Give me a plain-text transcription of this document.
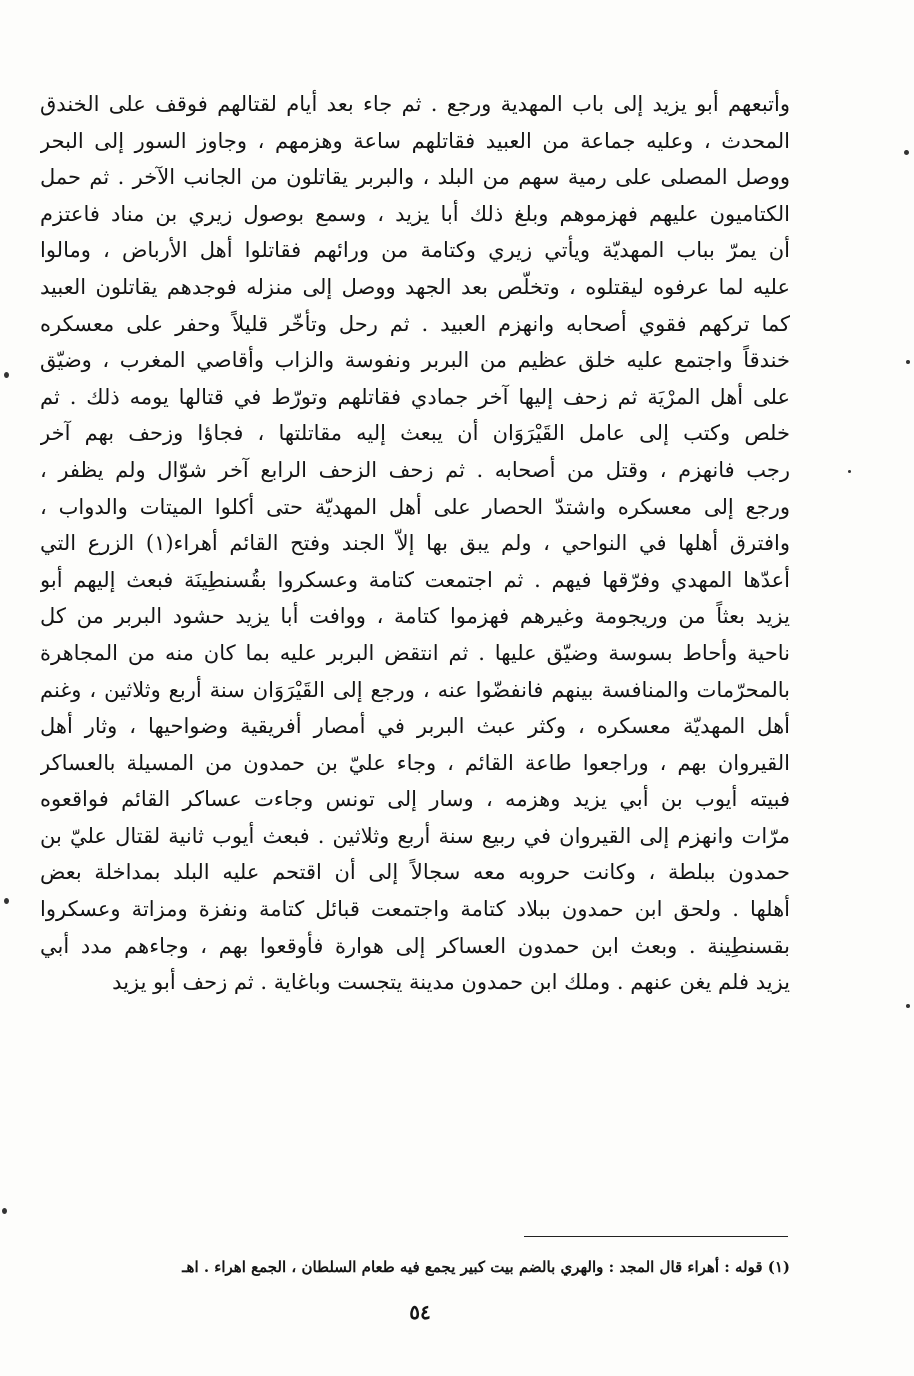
وأتبعهم أبو يزيد إلى باب المهدية ورجع . ثم جاء بعد أيام لقتالهم فوقف على الخندق
المحدث ، وعليه جماعة من العبيد فقاتلهم ساعة وهزمهم ، وجاوز السور إلى البحر
ووصل المصلى على رمية سهم من البلد ، والبربر يقاتلون من الجانب الآخر . ثم حمل
الكتاميون عليهم فهزموهم وبلغ ذلك أبا يزيد ، وسمع بوصول زيري بن مناد فاعتزم
أن يمرّ بباب المهديّة ويأتي زيري وكتامة من ورائهم فقاتلوا أهل الأرباض ، ومالوا
عليه لما عرفوه ليقتلوه ، وتخلّص بعد الجهد ووصل إلى منزله فوجدهم يقاتلون العبيد
كما تركهم فقوي أصحابه وانهزم العبيد . ثم رحل وتأخّر قليلاً وحفر على معسكره
خندقاً واجتمع عليه خلق عظيم من البربر ونفوسة والزاب وأقاصي المغرب ، وضيّق
على أهل المرْيَة ثم زحف إليها آخر جمادي فقاتلهم وتورّط في قتالها يومه ذلك . ثم
خلص وكتب إلى عامل القَيْرَوَان أن يبعث إليه مقاتلتها ، فجاؤا وزحف بهم آخر
رجب فانهزم ، وقتل من أصحابه . ثم زحف الزحف الرابع آخر شوّال ولم يظفر ،
ورجع إلى معسكره واشتدّ الحصار على أهل المهديّة حتى أكلوا الميتات والدواب ،
وافترق أهلها في النواحي ، ولم يبق بها إلاّ الجند وفتح القائم أهراء(١) الزرع التي
أعدّها المهدي وفرّقها فيهم . ثم اجتمعت كتامة وعسكروا بقُسنطِينَة فبعث إليهم أبو
يزيد بعثاً من وريجومة وغيرهم فهزموا كتامة ، ووافت أبا يزيد حشود البربر من كل
ناحية وأحاط بسوسة وضيّق عليها . ثم انتقض البربر عليه بما كان منه من المجاهرة
بالمحرّمات والمنافسة بينهم فانفضّوا عنه ، ورجع إلى القَيْرَوَان سنة أربع وثلاثين ، وغنم
أهل المهديّة معسكره ، وكثر عبث البربر في أمصار أفريقية وضواحيها ، وثار أهل
القيروان بهم ، وراجعوا طاعة القائم ، وجاء عليّ بن حمدون من المسيلة بالعساكر
فبيته أيوب بن أبي يزيد وهزمه ، وسار إلى تونس وجاءت عساكر القائم فواقعوه
مرّات وانهزم إلى القيروان في ربيع سنة أربع وثلاثين . فبعث أيوب ثانية لقتال عليّ بن
حمدون ببلطة ، وكانت حروبه معه سجالاً إلى أن اقتحم عليه البلد بمداخلة بعض
أهلها . ولحق ابن حمدون ببلاد كتامة واجتمعت قبائل كتامة ونفزة ومزاتة وعسكروا
بقسنطِينة . وبعث ابن حمدون العساكر إلى هوارة فأوقعوا بهم ، وجاءهم مدد أبي
يزيد فلم يغن عنهم . وملك ابن حمدون مدينة يتجست وباغاية . ثم زحف أبو يزيد
(١) قوله : أهراء قال المجد : والهري بالضم بيت كبير يجمع فيه طعام السلطان ، الجمع اهراء . اهـ
٥٤
